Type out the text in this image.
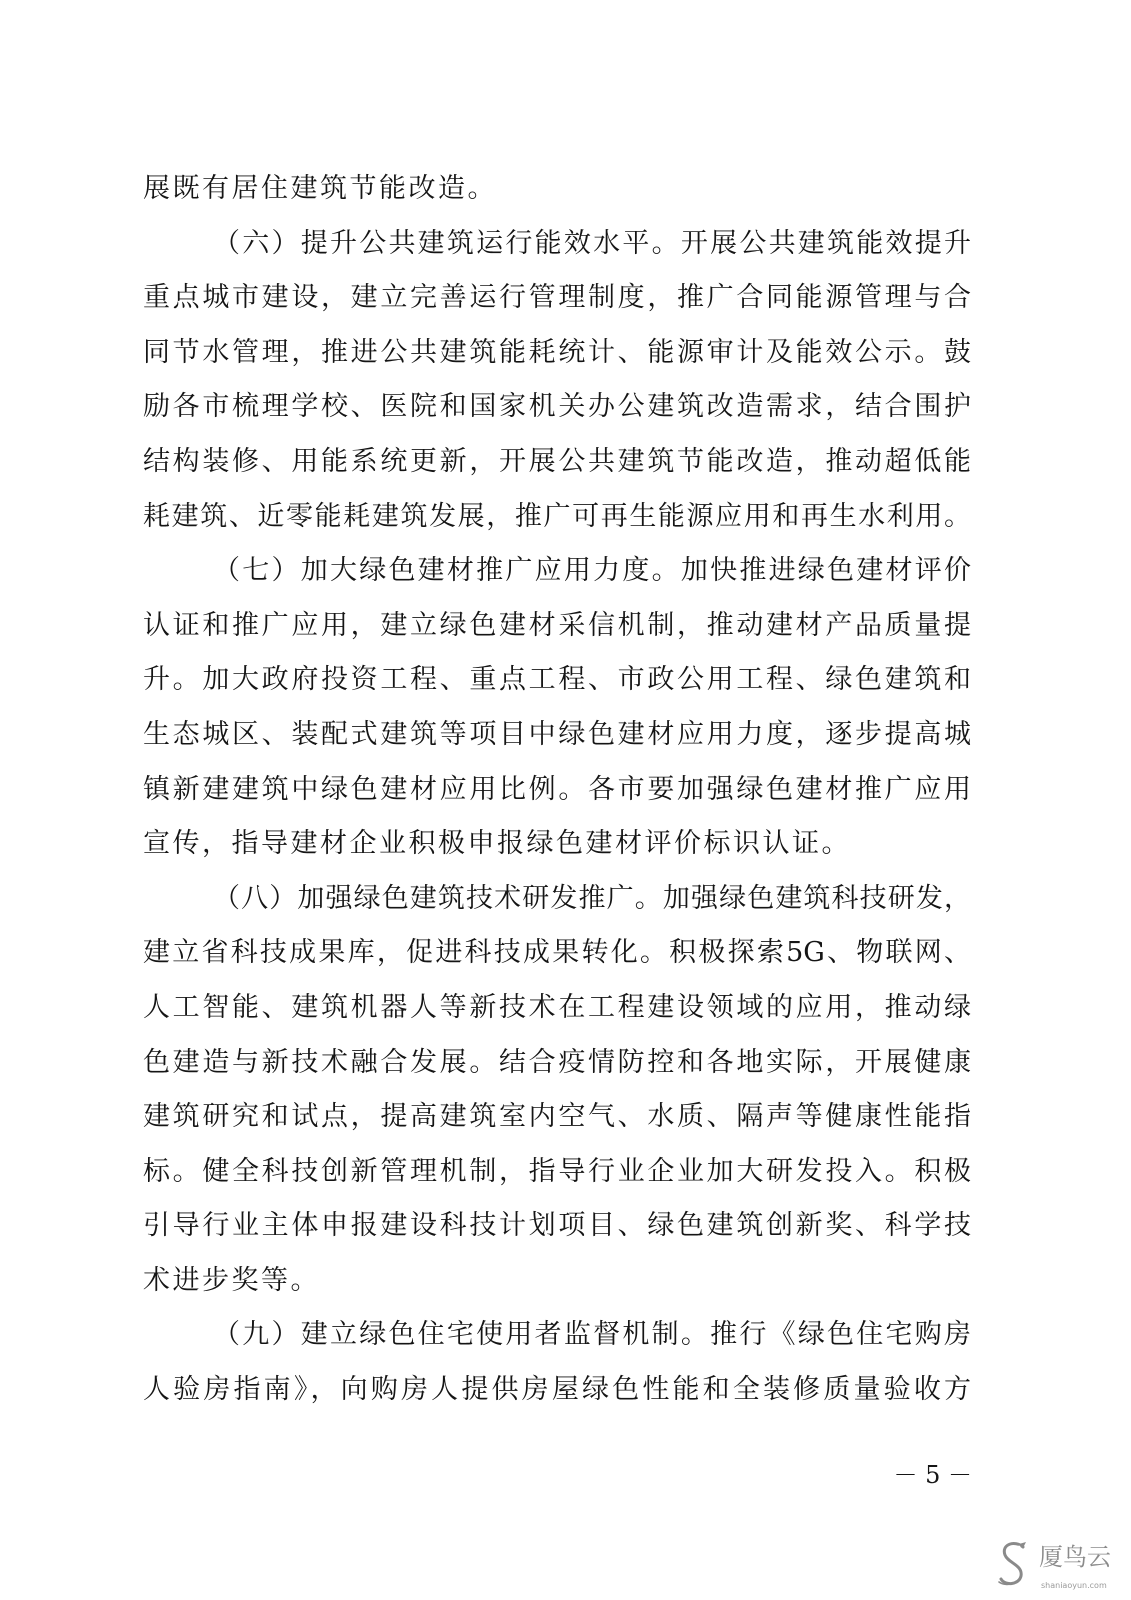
展既有居住建筑节能改造。
（六）提升公共建筑运行能效水平。开展公共建筑能效提升
重点城市建设，建立完善运行管理制度，推广合同能源管理与合
同节水管理，推进公共建筑能耗统计、能源审计及能效公示。鼓
励各市梳理学校、医院和国家机关办公建筑改造需求，结合围护
结构装修、用能系统更新，开展公共建筑节能改造，推动超低能
耗建筑、近零能耗建筑发展，推广可再生能源应用和再生水利用。
（七）加大绿色建材推广应用力度。加快推进绿色建材评价
认证和推广应用，建立绿色建材采信机制，推动建材产品质量提
升。加大政府投资工程、重点工程、市政公用工程、绿色建筑和
生态城区、装配式建筑等项目中绿色建材应用力度，逐步提高城
镇新建建筑中绿色建材应用比例。各市要加强绿色建材推广应用
宣传，指导建材企业积极申报绿色建材评价标识认证。
（八）加强绿色建筑技术研发推广。加强绿色建筑科技研发，
建立省科技成果库，促进科技成果转化。积极探索5G、物联网、
人工智能、建筑机器人等新技术在工程建设领域的应用，推动绿
色建造与新技术融合发展。结合疫情防控和各地实际，开展健康
建筑研究和试点，提高建筑室内空气、水质、隔声等健康性能指
标。健全科技创新管理机制，指导行业企业加大研发投入。积极
引导行业主体申报建设科技计划项目、绿色建筑创新奖、科学技
术进步奖等。
（九）建立绿色住宅使用者监督机制。推行《绿色住宅购房
人验房指南》，向购房人提供房屋绿色性能和全装修质量验收方
－ 5 －
厦鸟云
shaniaoyun.com
